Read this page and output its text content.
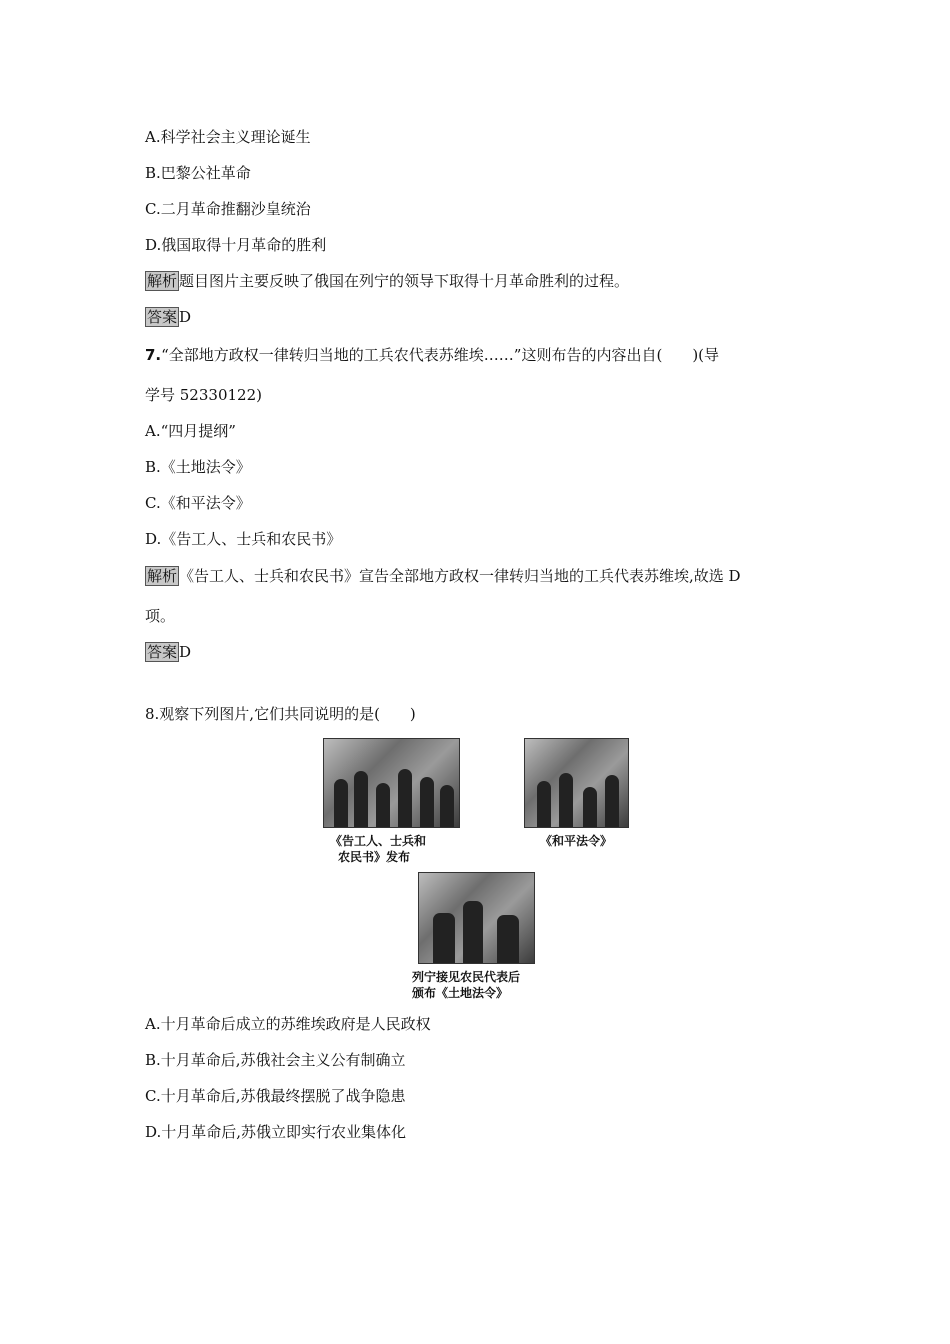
A.科学社会主义理论诞生
B.巴黎公社革命
C.二月革命推翻沙皇统治
D.俄国取得十月革命的胜利
解析 题目图片主要反映了俄国在列宁的领导下取得十月革命胜利的过程。
答案 D
7.“全部地方政权一律转归当地的工兵农代表苏维埃……”这则布告的内容出自(　　)(导
学号 52330122)
A.“四月提纲”
B.《土地法令》
C.《和平法令》
D.《告工人、士兵和农民书》
解析 《告工人、士兵和农民书》宣告全部地方政权一律转归当地的工兵代表苏维埃,故选 D
项。
答案 D
8.观察下列图片,它们共同说明的是(　　)
《告工人、士兵和
农民书》发布
《和平法令》
列宁接见农民代表后
颁布《土地法令》
A.十月革命后成立的苏维埃政府是人民政权
B.十月革命后,苏俄社会主义公有制确立
C.十月革命后,苏俄最终摆脱了战争隐患
D.十月革命后,苏俄立即实行农业集体化
